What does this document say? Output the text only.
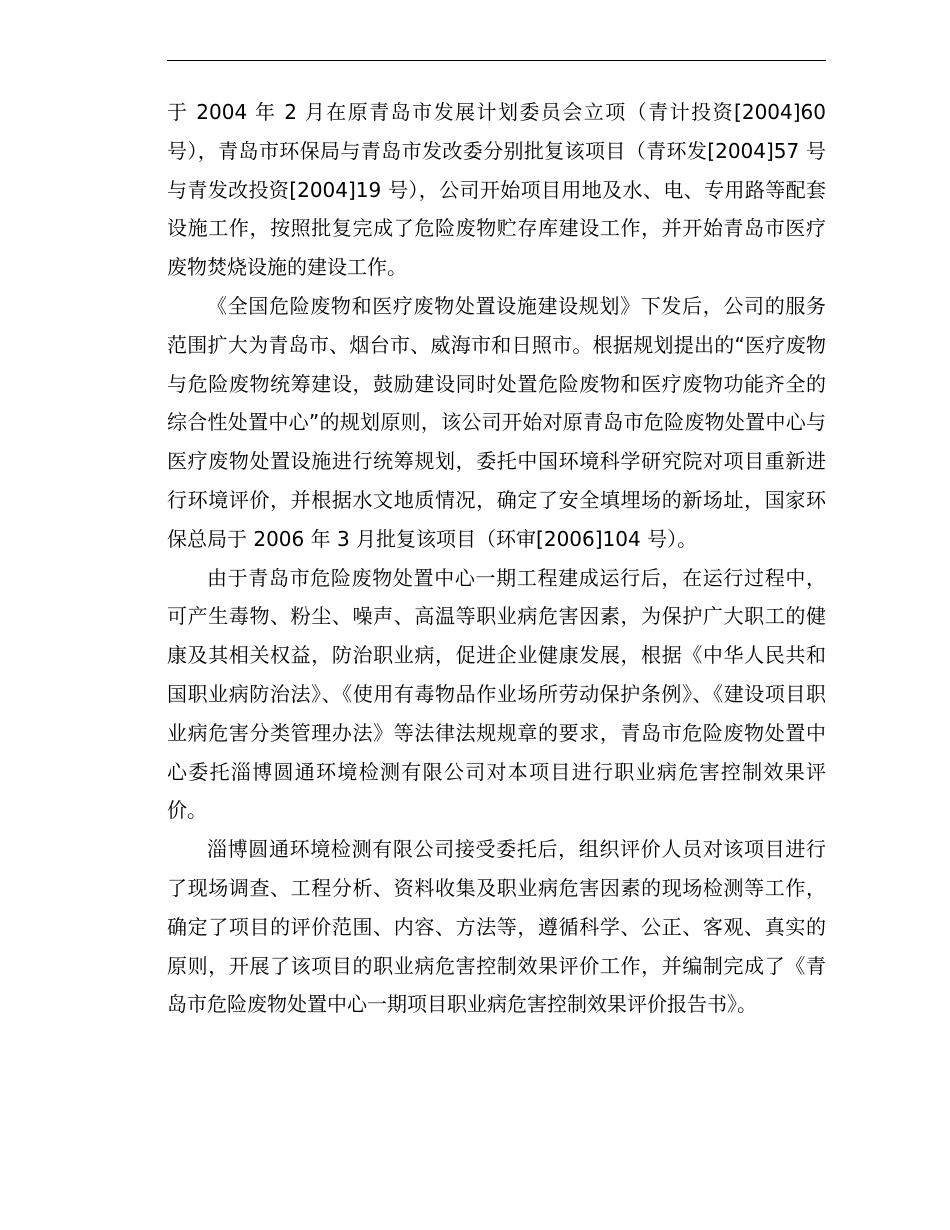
于 2004 年 2 月在原青岛市发展计划委员会立项（青计投资[2004]60 号），青岛市环保局与青岛市发改委分别批复该项目（青环发[2004]57 号与青发改投资[2004]19 号），公司开始项目用地及水、电、专用路等配套设施工作，按照批复完成了危险废物贮存库建设工作，并开始青岛市医疗废物焚烧设施的建设工作。

《全国危险废物和医疗废物处置设施建设规划》下发后，公司的服务范围扩大为青岛市、烟台市、威海市和日照市。根据规划提出的“医疗废物与危险废物统筹建设，鼓励建设同时处置危险废物和医疗废物功能齐全的综合性处置中心”的规划原则，该公司开始对原青岛市危险废物处置中心与医疗废物处置设施进行统筹规划，委托中国环境科学研究院对项目重新进行环境评价，并根据水文地质情况，确定了安全填埋场的新场址，国家环保总局于 2006 年 3 月批复该项目（环审[2006]104 号）。

由于青岛市危险废物处置中心一期工程建成运行后，在运行过程中，可产生毒物、粉尘、噪声、高温等职业病危害因素，为保护广大职工的健康及其相关权益，防治职业病，促进企业健康发展，根据《中华人民共和国职业病防治法》、《使用有毒物品作业场所劳动保护条例》、《建设项目职业病危害分类管理办法》等法律法规规章的要求，青岛市危险废物处置中心委托淄博圆通环境检测有限公司对本项目进行职业病危害控制效果评价。

淄博圆通环境检测有限公司接受委托后，组织评价人员对该项目进行了现场调查、工程分析、资料收集及职业病危害因素的现场检测等工作，确定了项目的评价范围、内容、方法等，遵循科学、公正、客观、真实的原则，开展了该项目的职业病危害控制效果评价工作，并编制完成了《青岛市危险废物处置中心一期项目职业病危害控制效果评价报告书》。
